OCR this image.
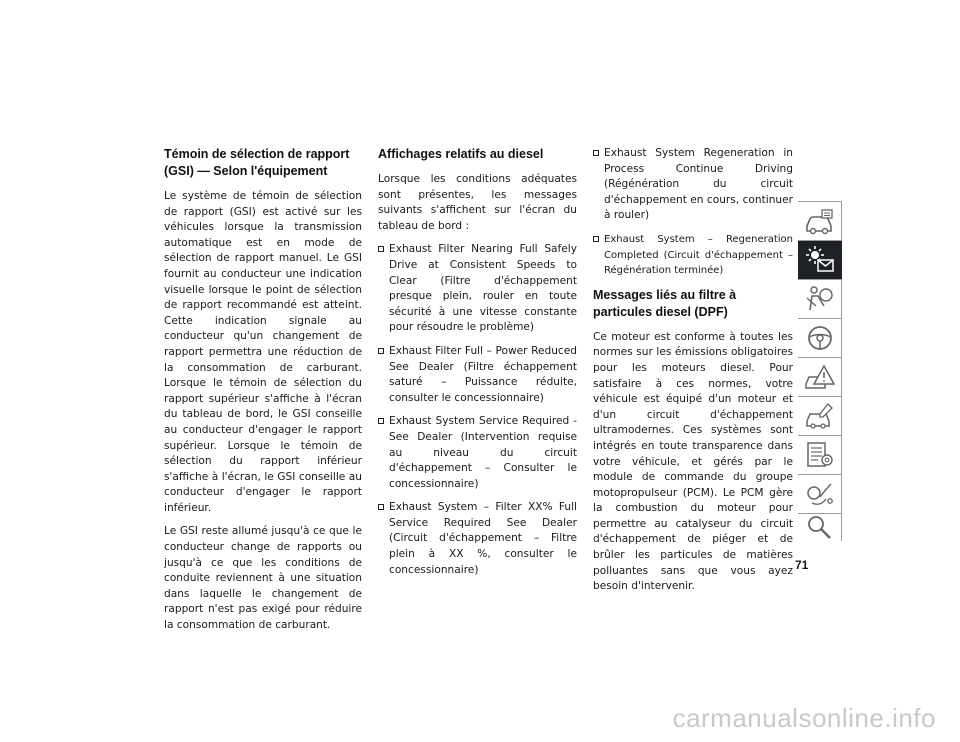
Témoin de sélection de rapport (GSI) — Selon l'équipement

Le système de témoin de sélection de rapport (GSI) est activé sur les véhicules lorsque la transmission automatique est en mode de sélection de rapport manuel. Le GSI fournit au conducteur une indication visuelle lorsque le point de sélection de rapport recommandé est atteint. Cette indication signale au conducteur qu'un changement de rapport permettra une réduction de la consommation de carburant. Lorsque le témoin de sélection du rapport supérieur s'affiche à l'écran du tableau de bord, le GSI conseille au conducteur d'engager le rapport supérieur. Lorsque le témoin de sélection du rapport inférieur s'affiche à l'écran, le GSI conseille au conducteur d'engager le rapport inférieur.

Le GSI reste allumé jusqu'à ce que le conducteur change de rapports ou jusqu'à ce que les conditions de conduite reviennent à une situation dans laquelle le changement de rapport n'est pas exigé pour réduire la consommation de carburant.

Affichages relatifs au diesel

Lorsque les conditions adéquates sont présentes, les messages suivants s'affichent sur l'écran du tableau de bord :

Exhaust Filter Nearing Full Safely Drive at Consistent Speeds to Clear (Filtre d'échappement presque plein, rouler en toute sécurité à une vitesse constante pour résoudre le problème)
Exhaust Filter Full – Power Reduced See Dealer (Filtre échappement saturé – Puissance réduite, consulter le concessionnaire)
Exhaust System Service Required - See Dealer (Intervention requise au niveau du circuit d'échappement – Consulter le concessionnaire)
Exhaust System – Filter XX% Full Service Required See Dealer (Circuit d'échappement – Filtre plein à XX %, consulter le concessionnaire)
Exhaust System Regeneration in Process Continue Driving (Régénération du circuit d'échappement en cours, continuer à rouler)
Exhaust System – Regeneration Completed (Circuit d'échappement – Régénération terminée)
Messages liés au filtre à particules diesel (DPF)

Ce moteur est conforme à toutes les normes sur les émissions obligatoires pour les moteurs diesel. Pour satisfaire à ces normes, votre véhicule est équipé d'un moteur et d'un circuit d'échappement ultramodernes. Ces systèmes sont intégrés en toute transparence dans votre véhicule, et gérés par le module de commande du groupe motopropulseur (PCM). Le PCM gère la combustion du moteur pour permettre au catalyseur du circuit d'échappement de piéger et de brûler les particules de matières polluantes sans que vous ayez besoin d'intervenir.

71
carmanualsonline.info
